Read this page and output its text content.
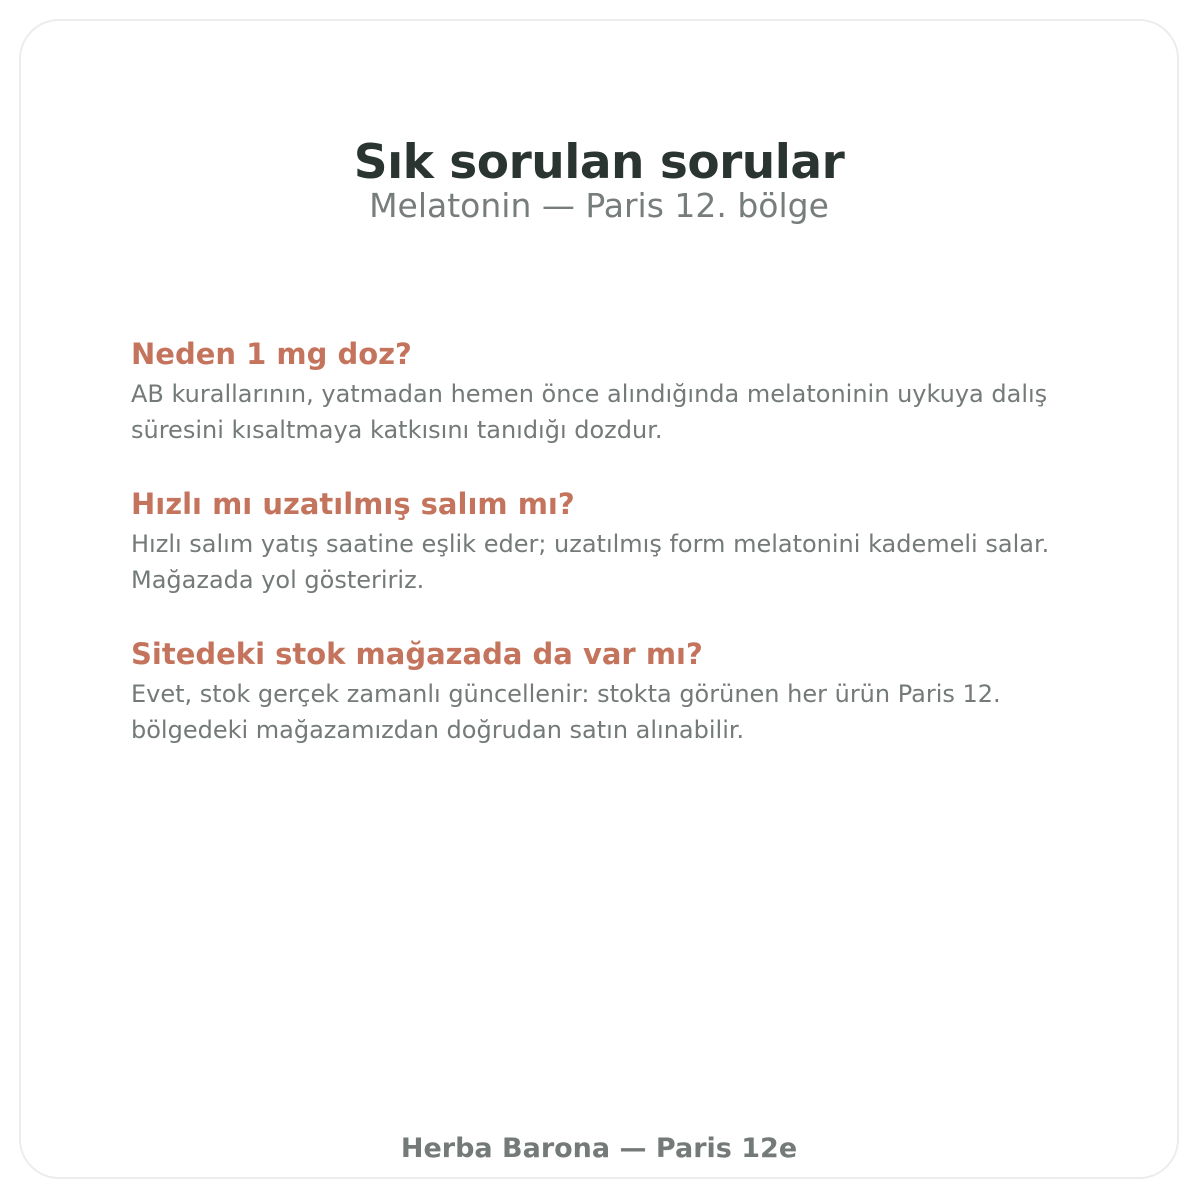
Sık sorulan sorular
Melatonin — Paris 12. bölge
Neden 1 mg doz?

AB kurallarının, yatmadan hemen önce alındığında melatoninin uykuya dalış süresini kısaltmaya katkısını tanıdığı dozdur.

Hızlı mı uzatılmış salım mı?

Hızlı salım yatış saatine eşlik eder; uzatılmış form melatonini kademeli salar. Mağazada yol gösteririz.

Sitedeki stok mağazada da var mı?

Evet, stok gerçek zamanlı güncellenir: stokta görünen her ürün Paris 12. bölgedeki mağazamızdan doğrudan satın alınabilir.

Herba Barona — Paris 12e
